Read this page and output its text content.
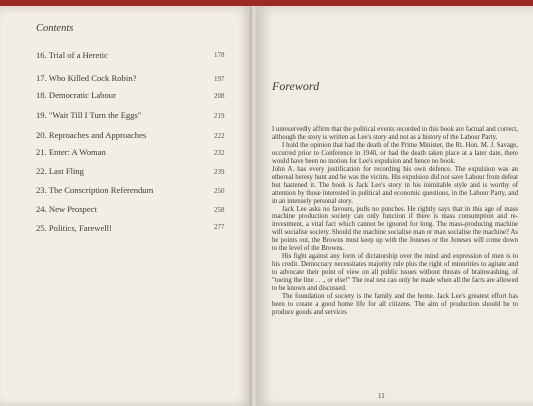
Contents
16. Trial of a Heretic	178
17. Who Killed Cock Robin?	197
18. Democratic Labour	208
19. "Wait Till I Turn the Eggs"	219
20. Reproaches and Approaches	222
21. Enter: A Woman	232
22. Last Fling	239
23. The Conscription Referendum	250
24. New Prospect	258
25. Politics, Farewell!	277
Foreword

I unreservedly affirm that the political events recorded in this book are factual and correct, although the story is written as Lee's story and not as a history of the Labour Party.

I hold the opinion that had the death of the Prime Minister, the Rt. Hon. M. J. Savage, occurred prior to Conference in 1940, or had the death taken place at a later date, there would have been no motion for Lee's expulsion and hence no book.

John A. has every justification for recording his own defence. The expulsion was an ethereal heresy hunt and he was the victim. His expulsion did not save Labour from defeat but hastened it. The book is Jack Lee's story in his inimitable style and is worthy of attention by those interested in political and economic questions, in the Labour Party, and in an intensely personal story.

Jack Lee asks no favours, pulls no punches. He rightly says that in this age of mass machine production society can only function if there is mass consumption and re-investment, a vital fact which cannot be ignored for long. The mass-producing machine will socialise society. Should the machine socialise man or man socialise the machine? As he points out, the Browns must keep up with the Joneses or the Joneses will come down to the level of the Browns.

His fight against any form of dictatorship over the mind and expression of men is to his credit. Democracy necessitates majority rule plus the right of minorities to agitate and to advocate their point of view on all public issues without threats of brainwashing, of "toeing the line . . ., or else!" The real test can only be made when all the facts are allowed to be known and discussed.

The foundation of society is the family and the home. Jack Lee's greatest effort has been to create a good home life for all citizens. The aim of production should be to produce goods and services

11
